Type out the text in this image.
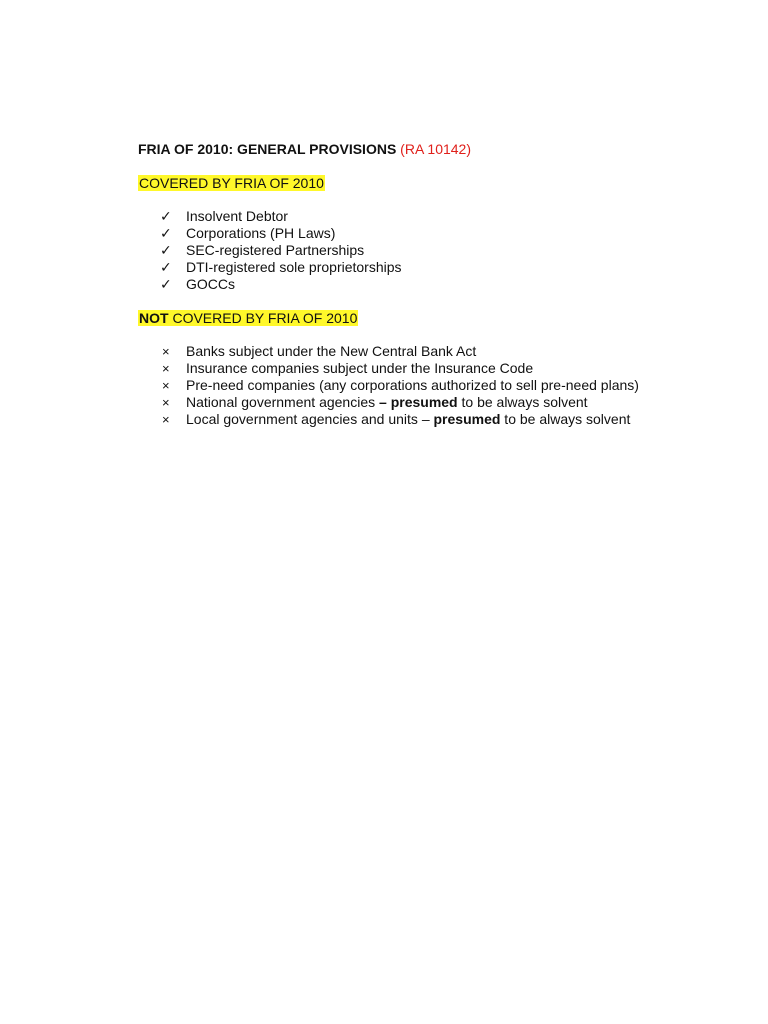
FRIA OF 2010: GENERAL PROVISIONS (RA 10142)

COVERED BY FRIA OF 2010
✓	Insolvent Debtor
✓	Corporations (PH Laws)
✓	SEC-registered Partnerships
✓	DTI-registered sole proprietorships
✓	GOCCs
NOT COVERED BY FRIA OF 2010
×	Banks subject under the New Central Bank Act
×	Insurance companies subject under the Insurance Code
×	Pre-need companies (any corporations authorized to sell pre-need plans)
×	National government agencies – presumed to be always solvent
×	Local government agencies and units – presumed to be always solvent
